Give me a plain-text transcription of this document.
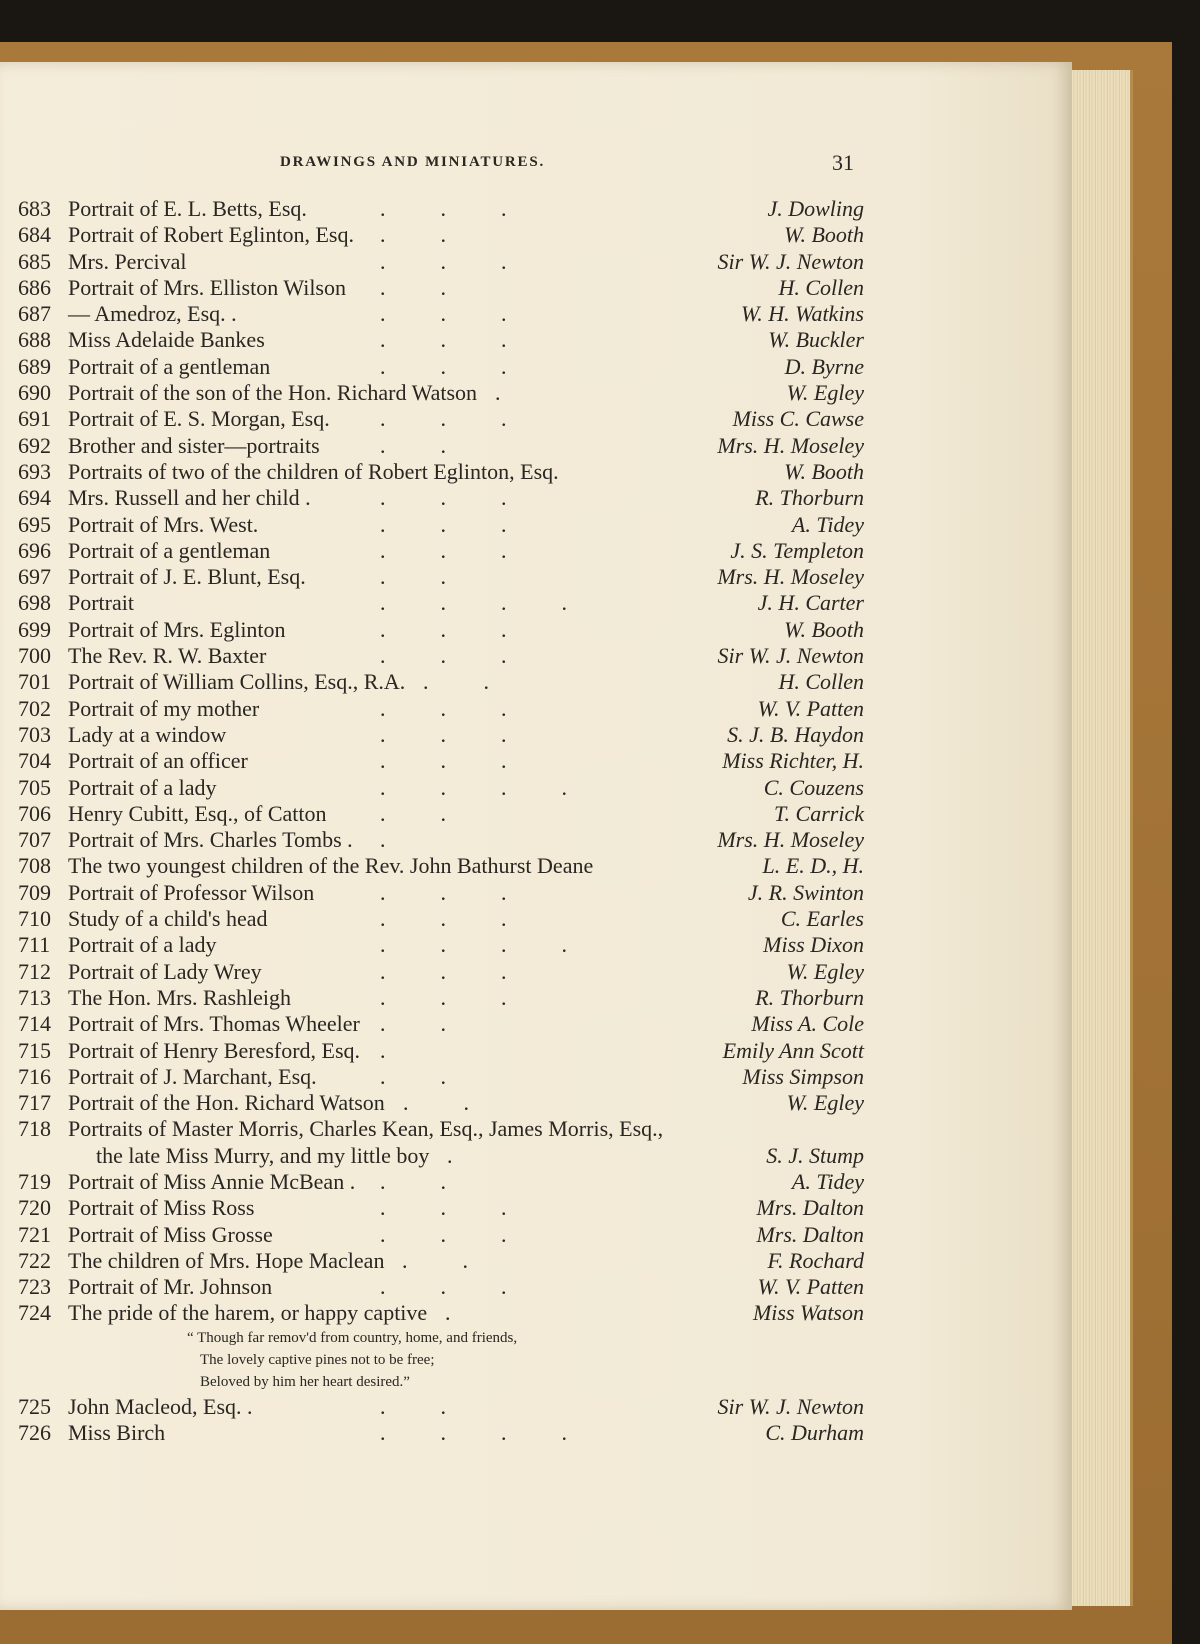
DRAWINGS AND MINIATURES.	31
683 Portrait of E. L. Betts, Esq.	.          .          .	J. Dowling
684 Portrait of Robert Eglinton, Esq. .          .	W. Booth
685 Mrs. Percival	.          .          .	Sir W. J. Newton
686 Portrait of Mrs. Elliston Wilson .          .	H. Collen
687 — Amedroz, Esq. .	.          .          .	W. H. Watkins
688 Miss Adelaide Bankes	.          .          .	W. Buckler
689 Portrait of a gentleman	.          .          .	D. Byrne
690 Portrait of the son of the Hon. Richard Watson .	W. Egley
691 Portrait of E. S. Morgan, Esq. .          .          .	Miss C. Cawse
692 Brother and sister—portraits	.          .	Mrs. H. Moseley
693 Portraits of two of the children of Robert Eglinton, Esq.	W. Booth
694 Mrs. Russell and her child .	.          .          .	R. Thorburn
695 Portrait of Mrs. West.	.          .          .	A. Tidey
696 Portrait of a gentleman	.          .          .	J. S. Templeton
697 Portrait of J. E. Blunt, Esq.	.          .	Mrs. H. Moseley
698 Portrait	.          .          .          .	J. H. Carter
699 Portrait of Mrs. Eglinton	.          .          .	W. Booth
700 The Rev. R. W. Baxter	.          .          .	Sir W. J. Newton
701 Portrait of William Collins, Esq., R.A. .          .	H. Collen
702 Portrait of my mother	.          .          .	W. V. Patten
703 Lady at a window	.          .          .	S. J. B. Haydon
704 Portrait of an officer	.          .          .	Miss Richter, H.
705 Portrait of a lady	.          .          .          .	C. Couzens
706 Henry Cubitt, Esq., of Catton .          .	T. Carrick
707 Portrait of Mrs. Charles Tombs . .	Mrs. H. Moseley
708 The two youngest children of the Rev. John Bathurst Deane	L. E. D., H.
709 Portrait of Professor Wilson	.          .          .	J. R. Swinton
710 Study of a child's head	.          .          .	C. Earles
711 Portrait of a lady	.          .          .          .	Miss Dixon
712 Portrait of Lady Wrey	.          .          .	W. Egley
713 The Hon. Mrs. Rashleigh	.          .          .	R. Thorburn
714 Portrait of Mrs. Thomas Wheeler .          .	Miss A. Cole
715 Portrait of Henry Beresford, Esq. .	Emily Ann Scott
716 Portrait of J. Marchant, Esq.	.          .	Miss Simpson
717 Portrait of the Hon. Richard Watson .          .	W. Egley
718 Portraits of Master Morris, Charles Kean, Esq., James Morris, Esq.,
the late Miss Murry, and my little boy .	S. J. Stump
719 Portrait of Miss Annie McBean . .          .	A. Tidey
720 Portrait of Miss Ross	.          .          .	Mrs. Dalton
721 Portrait of Miss Grosse	.          .          .	Mrs. Dalton
722 The children of Mrs. Hope Maclean .          .	F. Rochard
723 Portrait of Mr. Johnson	.          .          .	W. V. Patten
724 The pride of the harem, or happy captive .	Miss Watson
“ Though far remov'd from country, home, and friends,
The lovely captive pines not to be free;
Beloved by him her heart desired.”
725 John Macleod, Esq. .	.          .	Sir W. J. Newton
726 Miss Birch	.          .          .          .	C. Durham
